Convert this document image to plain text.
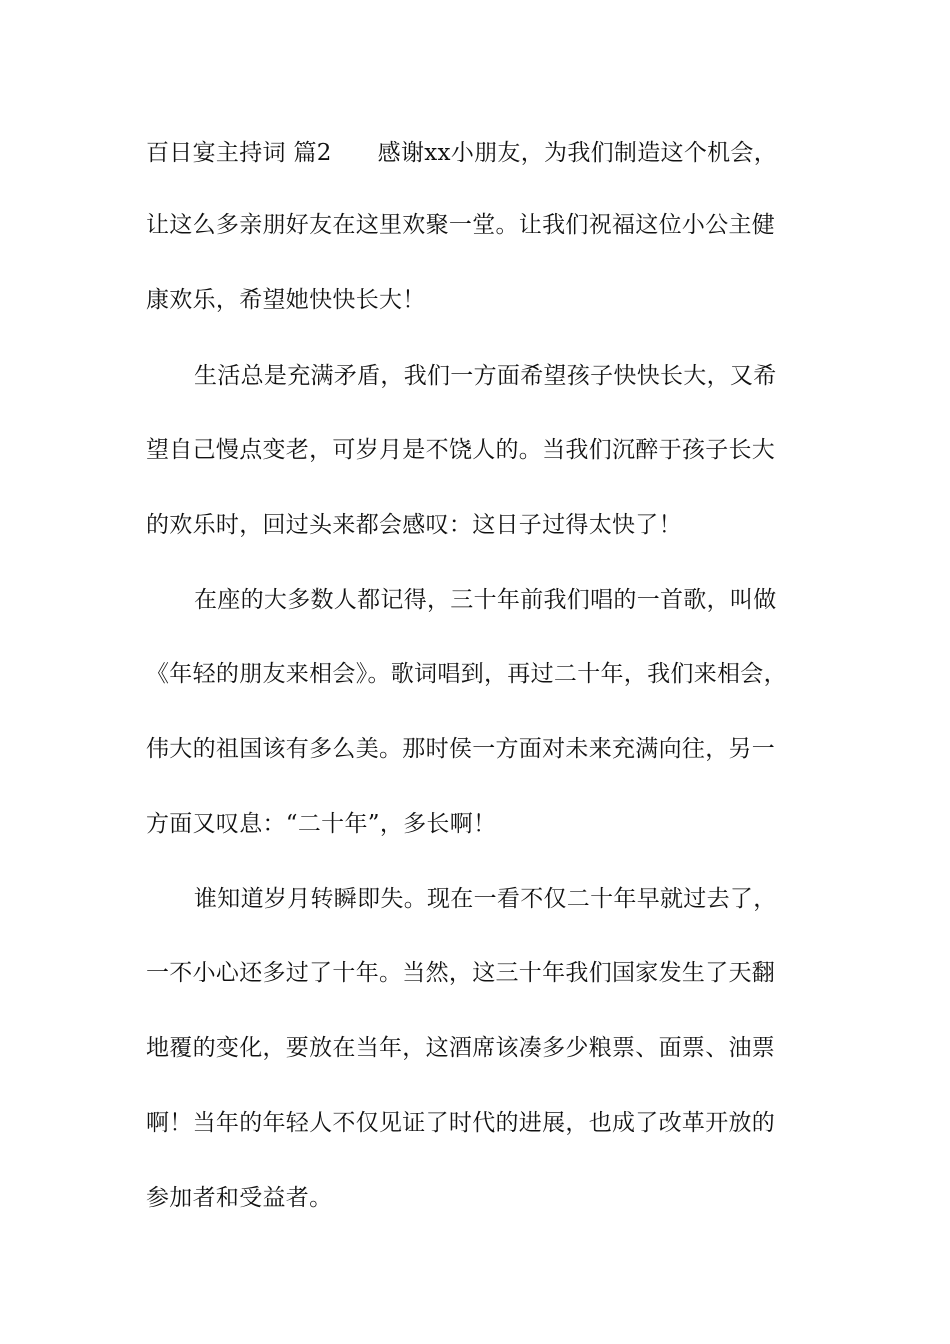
百日宴主持词 篇2 感谢xx小朋友，为我们制造这个机会，
让这么多亲朋好友在这里欢聚一堂。让我们祝福这位小公主健
康欢乐，希望她快快长大！
生活总是充满矛盾，我们一方面希望孩子快快长大，又希
望自己慢点变老，可岁月是不饶人的。当我们沉醉于孩子长大
的欢乐时，回过头来都会感叹：这日子过得太快了！
在座的大多数人都记得，三十年前我们唱的一首歌，叫做
《年轻的朋友来相会》。歌词唱到，再过二十年，我们来相会，
伟大的祖国该有多么美。那时侯一方面对未来充满向往，另一
方面又叹息：“二十年”，多长啊！
谁知道岁月转瞬即失。现在一看不仅二十年早就过去了，
一不小心还多过了十年。当然，这三十年我们国家发生了天翻
地覆的变化，要放在当年，这酒席该凑多少粮票、面票、油票
啊！当年的年轻人不仅见证了时代的进展，也成了改革开放的
参加者和受益者。
